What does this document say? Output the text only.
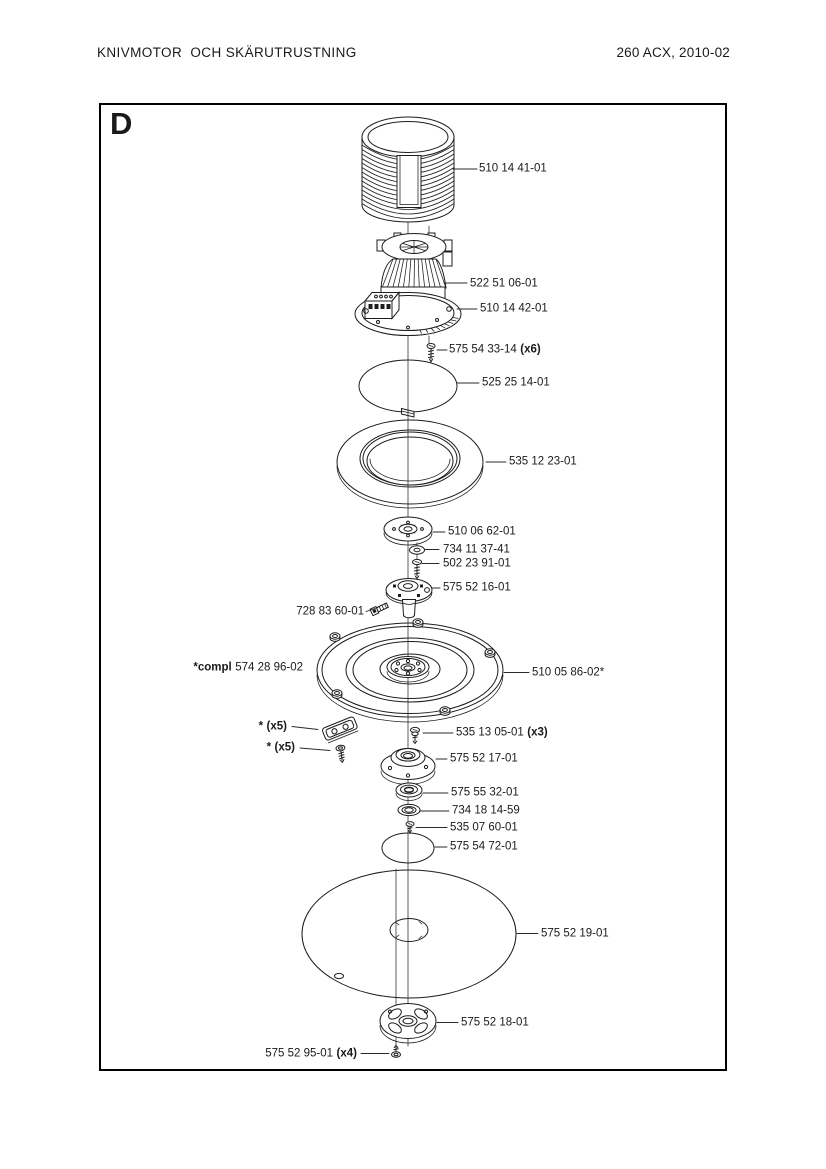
KNIVMOTOR  OCH SKÄRUTRUSTNING	260 ACX, 2010-02
D
510 14 41-01
522 51 06-01
510 14 42-01
575 54 33-14 (x6)
525 25 14-01
535 12 23-01
510 06 62-01
734 11 37-41
502 23 91-01
575 52 16-01
728 83 60-01
*compl 574 28 96-02	510 05 86-02*
* (x5)
* (x5)
535 13 05-01 (x3)
575 52 17-01
575 55 32-01
734 18 14-59
535 07 60-01
575 54 72-01
575 52 19-01
575 52 18-01
575 52 95-01 (x4)
